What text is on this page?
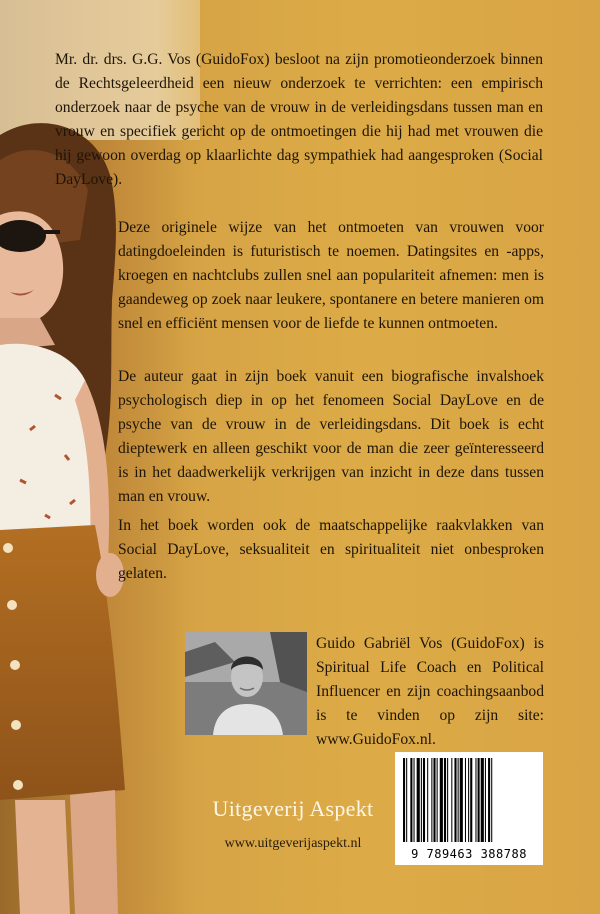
Mr. dr. drs. G.G. Vos (GuidoFox) besloot na zijn promotieonderzoek binnen de Rechtsgeleerdheid een nieuw onderzoek te verrichten: een empirisch onderzoek naar de psyche van de vrouw in de verleidingsdans tussen man en vrouw en specifiek gericht op de ontmoetingen die hij had met vrouwen die hij gewoon overdag op klaarlichte dag sympathiek had aangesproken (Social DayLove).
Deze originele wijze van het ontmoeten van vrouwen voor datingdoeleinden is futuristisch te noemen. Datingsites en -apps, kroegen en nachtclubs zullen snel aan populariteit afnemen: men is gaandeweg op zoek naar leukere, spontanere en betere manieren om snel en efficiënt mensen voor de liefde te kunnen ontmoeten.
De auteur gaat in zijn boek vanuit een biografische invalshoek psychologisch diep in op het fenomeen Social DayLove en de psyche van de vrouw in de verleidingsdans. Dit boek is echt dieptewerk en alleen geschikt voor de man die zeer geïnteresseerd is in het daadwerkelijk verkrijgen van inzicht in deze dans tussen man en vrouw.
In het boek worden ook de maatschappelijke raakvlakken van Social DayLove, seksualiteit en spiritualiteit niet onbesproken gelaten.
Guido Gabriël Vos (GuidoFox) is Spiritual Life Coach en Political Influencer en zijn coachingsaanbod is te vinden op zijn site: www.GuidoFox.nl.
Uitgeverij Aspekt
www.uitgeverijaspekt.nl
9 789463 388788
